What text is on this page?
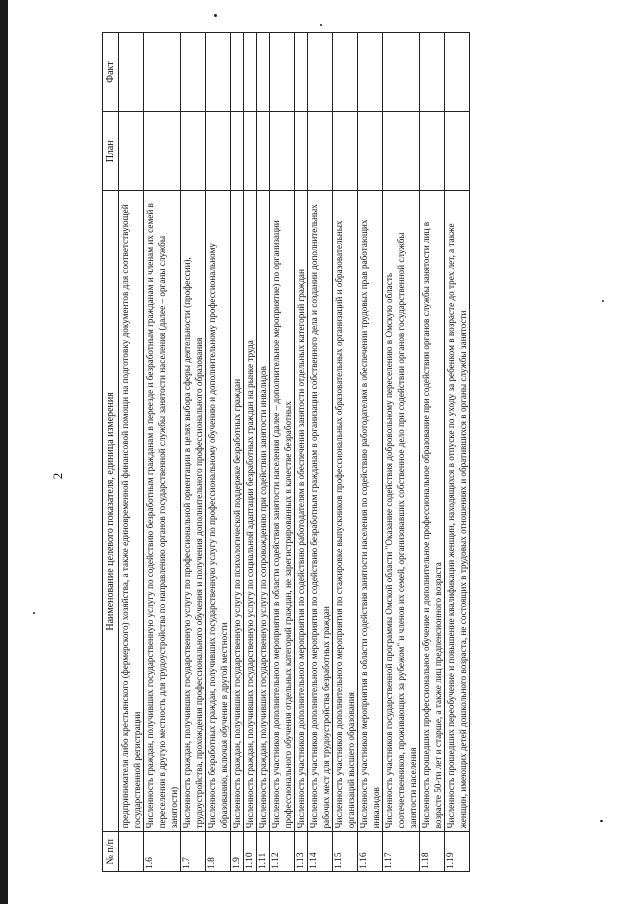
2
№ п/п	Наименование целевого показателя, единица измерения	План	Факт
	предпринимателя либо крестьянского (фермерского) хозяйства, а также единовременной финансовой помощи на подготовку документов для соответствующей государственной регистрации		
1.6	Численность граждан, получивших государственную услугу по содействию безработным гражданам в переезде и безработным гражданам и членам их семей в переселении в другую местность для трудоустройства по направлению органов государственной службы занятости населения (далее – органы службы занятости)		
1.7	Численность граждан, получивших государственную услугу по профессиональной ориентации в целях выбора сферы деятельности (профессии), трудоустройства, прохождения профессионального обучения и получения дополнительного профессионального образования		
1.8	Численность безработных граждан, получивших государственную услугу по профессиональному обучению и дополнительному профессиональному образованию, включая обучение в другой местности		
1.9	Численность граждан, получивших государственную услугу по психологической поддержке безработных граждан		
1.10	Численность граждан, получивших государственную услугу по социальной адаптации безработных граждан на рынке труда		
1.11	Численность граждан, получивших государственную услугу по сопровождению при содействии занятости инвалидов		
1.12	Численность участников дополнительного мероприятия в области содействия занятости населения (далее – дополнительное мероприятие) по организации профессионального обучения отдельных категорий граждан, не зарегистрированных в качестве безработных		
1.13	Численность участников дополнительного мероприятия по содействию работодателям в обеспечении занятости отдельных категорий граждан		
1.14	Численность участников дополнительного мероприятия по содействию безработным гражданам в организации собственного дела и создании дополнительных рабочих мест для трудоустройства безработных граждан		
1.15	Численность участников дополнительного мероприятия по стажировке выпускников профессиональных образовательных организаций и образовательных организаций высшего образования		
1.16	Численность участников мероприятия в области содействия занятости населения по содействию работодателям в обеспечении трудовых прав работающих инвалидов		
1.17	Численность участников государственной программы Омской области "Оказание содействия добровольному переселению в Омскую область соотечественников, проживающих за рубежом" и членов их семей, организовавших собственное дело при содействии органов государственной службы занятости населения		
1.18	Численность прошедших профессиональное обучение и дополнительное профессиональное образование при содействии органов службы занятости лиц в возрасте 50-ти лет и старше, а также лиц предпенсионного возраста		
1.19	Численность прошедших переобучение и повышение квалификации женщин, находящихся в отпуске по уходу за ребенком в возрасте до трех лет, а также женщин, имеющих детей дошкольного возраста, не состоящих в трудовых отношениях и обратившихся в органы службы занятости		
